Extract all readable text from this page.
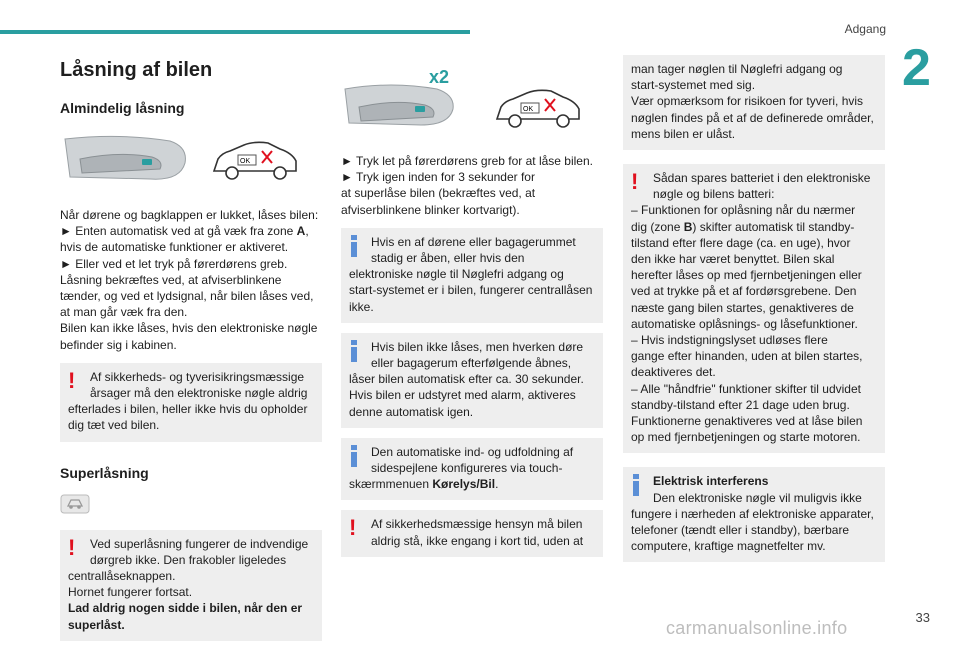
Adgang
2
Låsning af bilen
Almindelig låsning
OK
Når dørene og bagklappen er lukket, låses bilen:
► Enten automatisk ved at gå væk fra zone A,
hvis de automatiske funktioner er aktiveret.
► Eller ved et let tryk på førerdørens greb.
Låsning bekræftes ved, at afviserblinkene
tænder, og ved et lydsignal, når bilen låses ved,
at man går væk fra den.
Bilen kan ikke låses, hvis den elektroniske nøgle
befinder sig i kabinen.
!	Af sikkerheds- og tyverisikringsmæssige
årsager må den elektroniske nøgle aldrig
efterlades i bilen, heller ikke hvis du opholder
dig tæt ved bilen.
Superlåsning
!	Ved superlåsning fungerer de indvendige
dørgreb ikke. Den frakobler ligeledes
centrallåseknappen.
Hornet fungerer fortsat.
Lad aldrig nogen sidde i bilen, når den er
superlåst.
x2
OK
► Tryk let på førerdørens greb for at låse bilen.
► Tryk igen inden for 3 sekunder for
at superlåse bilen (bekræftes ved, at
afviserblinkene blinker kortvarigt).
Hvis en af dørene eller bagagerummet
stadig er åben, eller hvis den
elektroniske nøgle til Nøglefri adgang og
start-systemet er i bilen, fungerer centrallåsen
ikke.
Hvis bilen ikke låses, men hverken døre
eller bagagerum efterfølgende åbnes,
låser bilen automatisk efter ca. 30 sekunder.
Hvis bilen er udstyret med alarm, aktiveres
denne automatisk igen.
Den automatiske ind- og udfoldning af
sidespejlene konfigureres via touch-
skærmmenuen Kørelys/Bil.
!	Af sikkerhedsmæssige hensyn må bilen
aldrig stå, ikke engang i kort tid, uden at
man tager nøglen til Nøglefri adgang og
start-systemet med sig.
Vær opmærksom for risikoen for tyveri, hvis
nøglen findes på et af de definerede områder,
mens bilen er ulåst.
!	Sådan spares batteriet i den elektroniske
nøgle og bilens batteri:
– Funktionen for oplåsning når du nærmer
dig (zone B) skifter automatisk til standby-
tilstand efter flere dage (ca. en uge), hvor
den ikke har været benyttet. Bilen skal
herefter låses op med fjernbetjeningen eller
ved at trykke på et af fordørsgrebene. Den
næste gang bilen startes, genaktiveres de
automatiske oplåsnings- og låsefunktioner.
– Hvis indstigningslyset udløses flere
gange efter hinanden, uden at bilen startes,
deaktiveres det.
– Alle "håndfrie" funktioner skifter til udvidet
standby-tilstand efter 21 dage uden brug.
Funktionerne genaktiveres ved at låse bilen
op med fjernbetjeningen og starte motoren.
Elektrisk interferens
Den elektroniske nøgle vil muligvis ikke
fungere i nærheden af elektroniske apparater,
telefoner (tændt eller i standby), bærbare
computere, kraftige magnetfelter mv.
carmanualsonline.info
33
